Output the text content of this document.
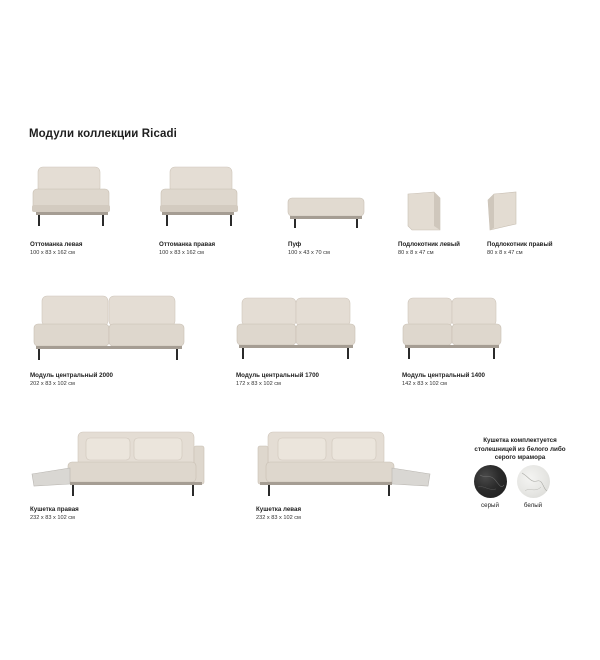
Модули коллекции Ricadi
Оттоманка левая
100 x 83 x 162 см
Оттоманка правая
100 x 83 x 162 см
Пуф
100 x 43 x 70 см
Подлокотник левый
80 x 8 x 47 см
Подлокотник правый
80 x 8 x 47 см
Модуль центральный 2000
202 x 83 x 102 см
Модуль центральный 1700
172 x 83 x 102 см
Модуль центральный 1400
142 x 83 x 102 см
Кушетка правая
232 x 83 x 102 см
Кушетка левая
232 x 83 x 102 см
Кушетка комплектуется столешницей из белого либо серого мрамора
серый	белый
